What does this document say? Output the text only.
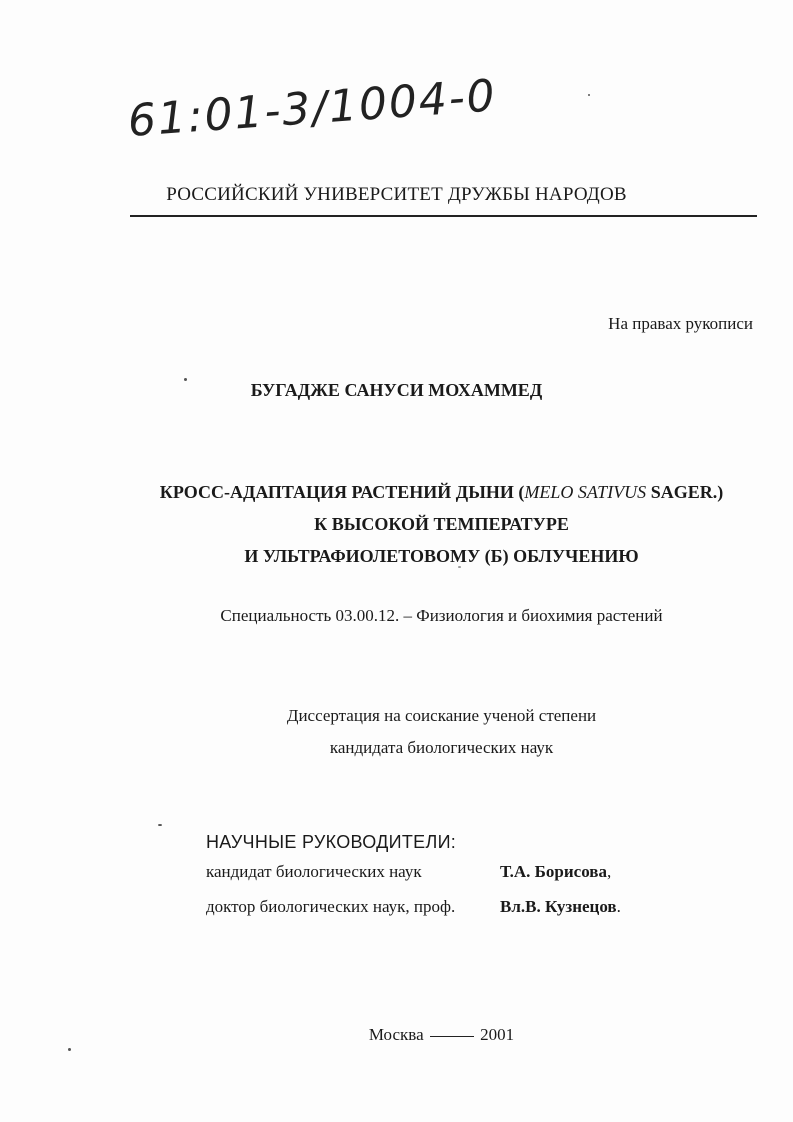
61:01-3/1004-0
РОССИЙСКИЙ УНИВЕРСИТЕТ ДРУЖБЫ НАРОДОВ
На правах рукописи
БУГАДЖЕ САНУСИ МОХАММЕД
КРОСС-АДАПТАЦИЯ РАСТЕНИЙ ДЫНИ (MELO SATIVUS SAGER.)
К ВЫСОКОЙ ТЕМПЕРАТУРЕ
И УЛЬТРАФИОЛЕТОВОМУ (Б) ОБЛУЧЕНИЮ
Специальность 03.00.12. – Физиология и биохимия растений
Диссертация на соискание ученой степени
кандидата биологических наук
НАУЧНЫЕ РУКОВОДИТЕЛИ:
кандидат биологических наук	Т.А. Борисова,
доктор биологических наук, проф.	Вл.В. Кузнецов.
Москва	2001
